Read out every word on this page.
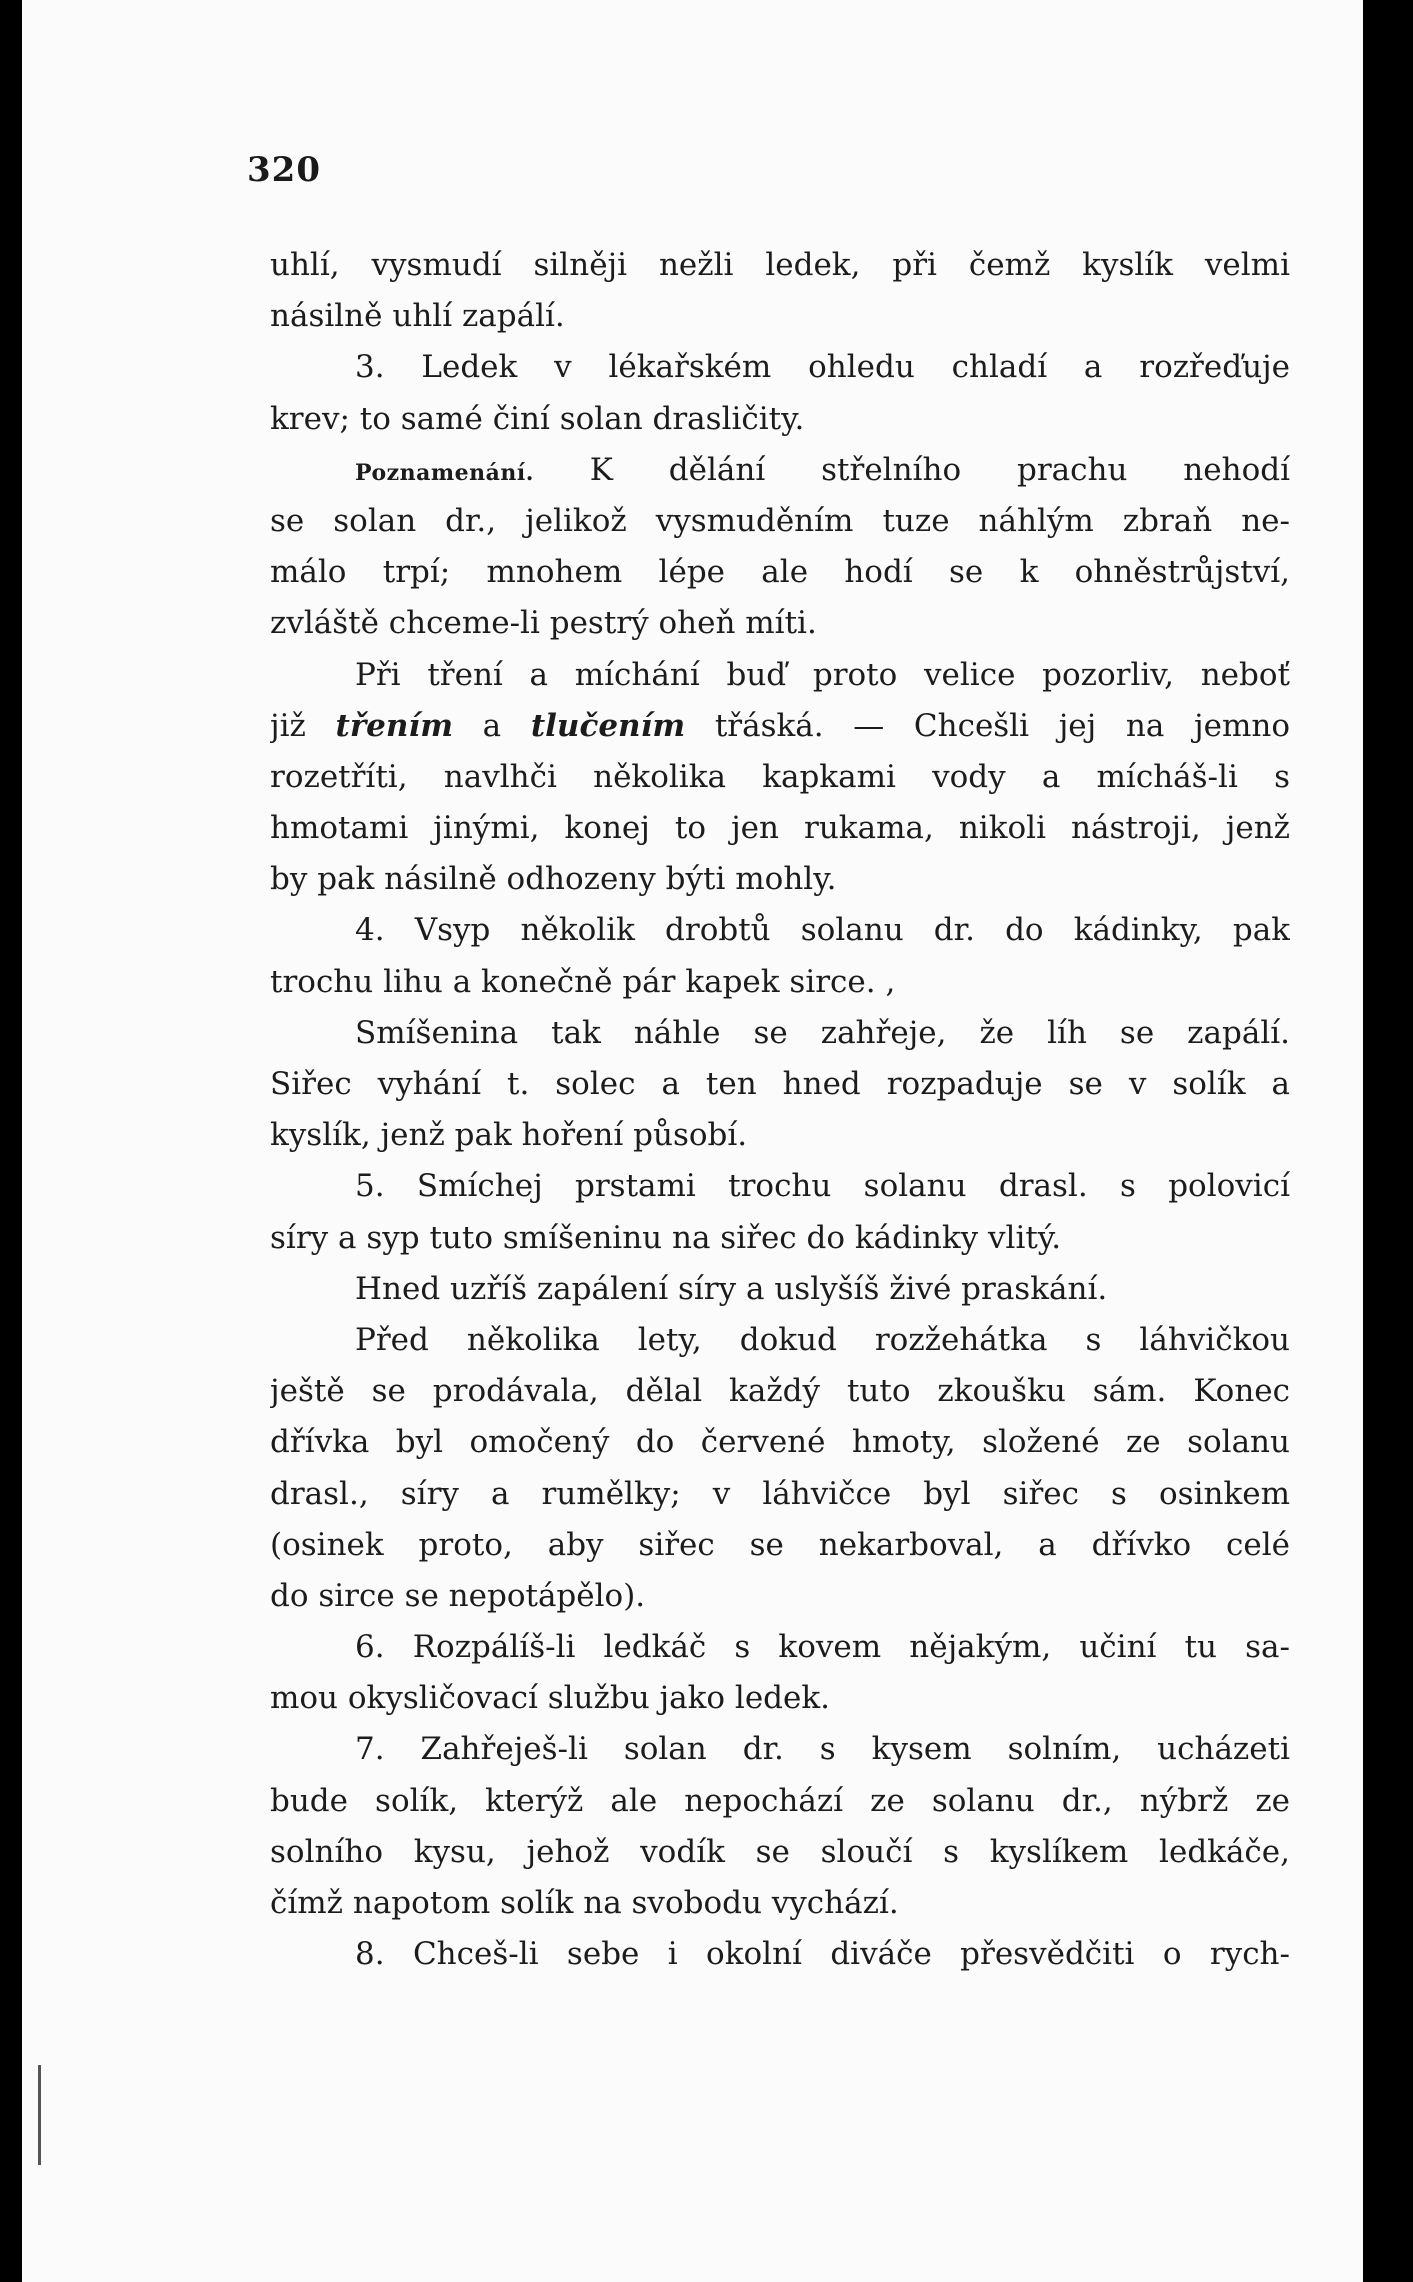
320
uhlí, vysmudí silněji nežli ledek, při čemž kyslík velmi
násilně uhlí zapálí.
3. Ledek v lékařském ohledu chladí a rozřeďuje
krev; to samé činí solan drasličity.
Poznamenání. K dělání střelního prachu nehodí
se solan dr., jelikož vysmuděním tuze náhlým zbraň ne-
málo trpí; mnohem lépe ale hodí se k ohněstrůjství,
zvláště chceme-li pestrý oheň míti.
Při tření a míchání buď proto velice pozorliv, neboť
již třením a tlučením třáská. — Chcešli jej na jemno
rozetříti, navlhči několika kapkami vody a mícháš-li s
hmotami jinými, konej to jen rukama, nikoli nástroji, jenž
by pak násilně odhozeny býti mohly.
4. Vsyp několik drobtů solanu dr. do kádinky, pak
trochu lihu a konečně pár kapek sirce. ,
Smíšenina tak náhle se zahřeje, že líh se zapálí.
Siřec vyhání t. solec a ten hned rozpaduje se v solík a
kyslík, jenž pak hoření působí.
5. Smíchej prstami trochu solanu drasl. s polovicí
síry a syp tuto smíšeninu na siřec do kádinky vlitý.
Hned uzříš zapálení síry a uslyšíš živé praskání.
Před několika lety, dokud rozžehátka s láhvičkou
ještě se prodávala, dělal každý tuto zkoušku sám. Konec
dřívka byl omočený do červené hmoty, složené ze solanu
drasl., síry a rumělky; v láhvičce byl siřec s osinkem
(osinek proto, aby siřec se nekarboval, a dřívko celé
do sirce se nepotápělo).
6. Rozpálíš-li ledkáč s kovem nějakým, učiní tu sa-
mou okysličovací službu jako ledek.
7. Zahřeješ-li solan dr. s kysem solním, ucházeti
bude solík, kterýž ale nepochází ze solanu dr., nýbrž ze
solního kysu, jehož vodík se sloučí s kyslíkem ledkáče,
čímž napotom solík na svobodu vychází.
8. Chceš-li sebe i okolní diváče přesvědčiti o rych-
